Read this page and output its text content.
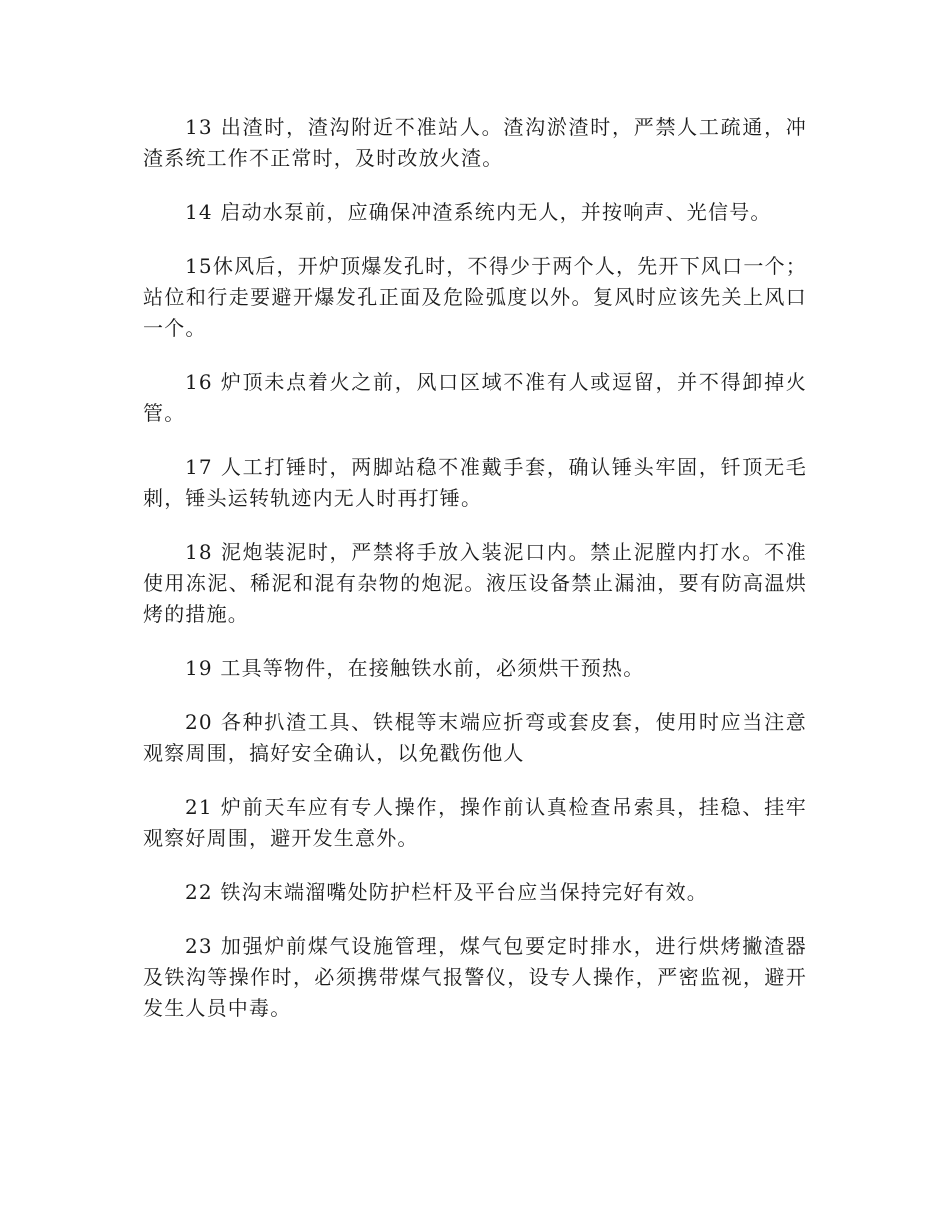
13 出渣时，渣沟附近不准站人。渣沟淤渣时，严禁人工疏通，冲渣系统工作不正常时，及时改放火渣。

14 启动水泵前，应确保冲渣系统内无人，并按响声、光信号。

15休风后，开炉顶爆发孔时，不得少于两个人，先开下风口一个；站位和行走要避开爆发孔正面及危险弧度以外。复风时应该先关上风口一个。

16 炉顶未点着火之前，风口区域不准有人或逗留，并不得卸掉火管。

17 人工打锤时，两脚站稳不准戴手套，确认锤头牢固，钎顶无毛刺，锤头运转轨迹内无人时再打锤。

18 泥炮装泥时，严禁将手放入装泥口内。禁止泥膛内打水。不准使用冻泥、稀泥和混有杂物的炮泥。液压设备禁止漏油，要有防高温烘烤的措施。

19 工具等物件，在接触铁水前，必须烘干预热。

20 各种扒渣工具、铁棍等末端应折弯或套皮套，使用时应当注意观察周围，搞好安全确认，以免戳伤他人

21 炉前天车应有专人操作，操作前认真检查吊索具，挂稳、挂牢观察好周围，避开发生意外。

22 铁沟末端溜嘴处防护栏杆及平台应当保持完好有效。

23 加强炉前煤气设施管理，煤气包要定时排水，进行烘烤撇渣器及铁沟等操作时，必须携带煤气报警仪，设专人操作，严密监视，避开发生人员中毒。
